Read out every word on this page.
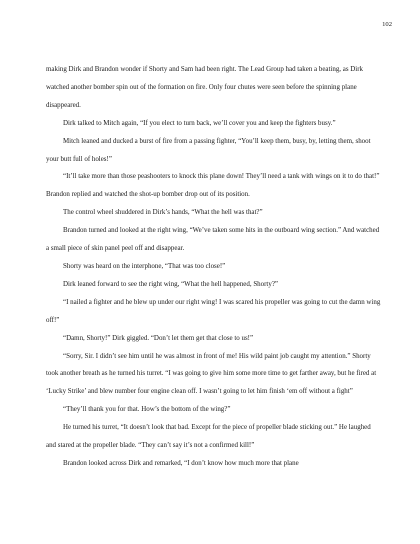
102

making Dirk and Brandon wonder if Shorty and Sam had been right. The Lead Group had taken a beating, as Dirk watched another bomber spin out of the formation on fire. Only four chutes were seen before the spinning plane disappeared.

Dirk talked to Mitch again, “If you elect to turn back, we’ll cover you and keep the fighters busy.”

Mitch leaned and ducked a burst of fire from a passing fighter, “You’ll keep them, busy, by, letting them, shoot your butt full of holes!”

“It’ll take more than those peashooters to knock this plane down! They’ll need a tank with wings on it to do that!” Brandon replied and watched the shot-up bomber drop out of its position.

The control wheel shuddered in Dirk’s hands, “What the hell was that?”

Brandon turned and looked at the right wing, “We’ve taken some hits in the outboard wing section.” And watched a small piece of skin panel peel off and disappear.

Shorty was heard on the interphone, “That was too close!”

Dirk leaned forward to see the right wing, “What the hell happened, Shorty?”

“I nailed a fighter and he blew up under our right wing! I was scared his propeller was going to cut the damn wing off!”

“Damn, Shorty!” Dirk giggled. “Don’t let them get that close to us!”

“Sorry, Sir. I didn’t see him until he was almost in front of me! His wild paint job caught my attention.” Shorty took another breath as he turned his turret. “I was going to give him some more time to get farther away, but he fired at ‘Lucky Strike’ and blew number four engine clean off. I wasn’t going to let him finish ‘em off without a fight”

“They’ll thank you for that. How’s the bottom of the wing?”

He turned his turret, “It doesn’t look that bad. Except for the piece of propeller blade sticking out.” He laughed and stared at the propeller blade. “They can’t say it’s not a confirmed kill!”

Brandon looked across Dirk and remarked, “I don’t know how much more that plane
